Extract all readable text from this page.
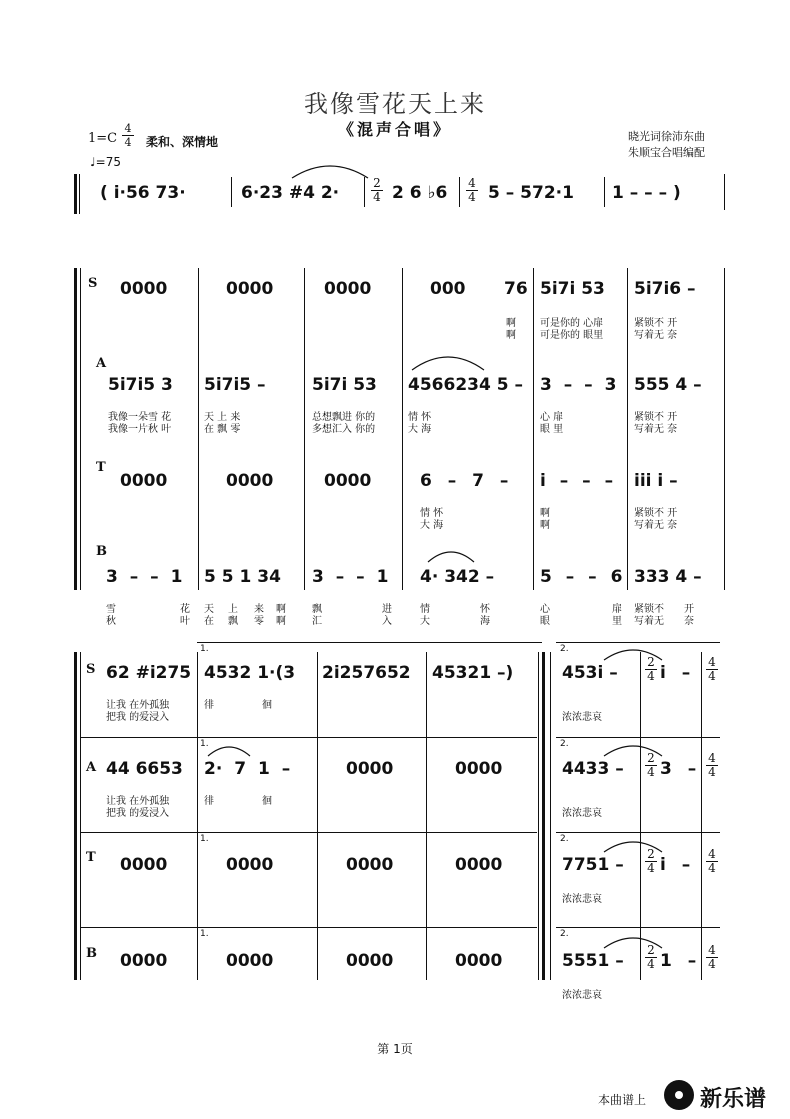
我像雪花天上来
《混声合唱》
1=C
4
4 柔和、深情地
♩=75
晓光词徐沛东曲
朱顺宝合唱编配
( i·56 73·	6·23 #4 2·	2
4 2 6 ♭6 4
4 5 – 572·1 1 – – – )
S 0000	0000	0000	000 76 5i7i 53 5i7i6 –
啊
啊
可是你的 心扉
可是你的 眼里
紧锁不 开
写着无 奈
A
5i7i5 3 5i7i5 –	5i7i 53 4566234 5 – 3 – – 3 555 4 –
我像一朵雪 花
我像一片秋 叶
天 上 来
在 飘 零
总想飘进 你的
多想汇入 你的
情 怀
大 海
心 扉
眼 里
紧锁不 开
写着无 奈
T
0000	0000	0000	6 – 7 – i – – – iii i –
情 怀
大 海
啊
啊
紧锁不 开
写着无 奈
B
3 – – 1 5 5 1 34 3 – – 1 4· 342 –	5 – – 6 333 4 –
雪	花 天 上 来 啊	飘	进	情	怀	心	扉 紧锁不 开
秋	叶 在 飘 零 啊	汇	入	大	海	眼	里 写着无 奈
1.	2.
1.	2.
1.	2.
1.	2.
S 62 #i275 4532 1·(3 2i257652 45321 –)	453i –
2
4 i –
4
4
让我 在外孤独
把我 的爱浸入
徘	徊
浓浓悲哀
A 44 6653 2· 7 1 –	0000	0000	4433 –
2
4 3 –
4
4
让我 在外孤独
把我 的爱浸入
徘	徊
浓浓悲哀
T 0000	0000	0000	0000	7751 –
2
4 i –
4
4
浓浓悲哀
B 0000	0000	0000	0000	5551 –
2
4 1 –
4
4
浓浓悲哀
第 1页
本曲谱上 新乐谱
